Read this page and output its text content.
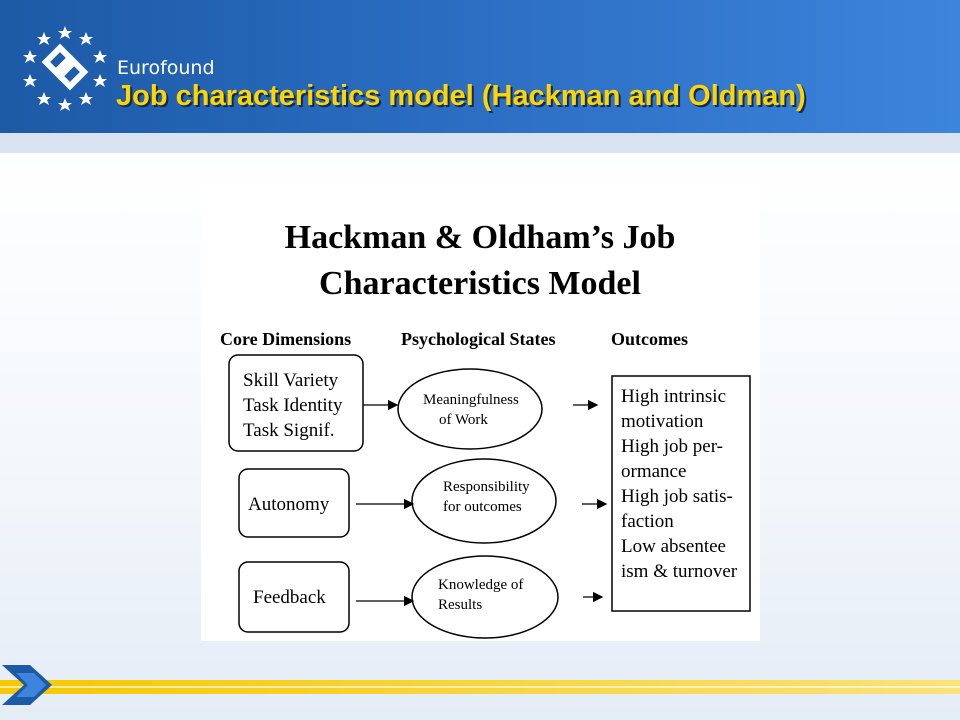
Eurofound
Job characteristics model (Hackman and Oldman)
Hackman & Oldham’s Job
Characteristics Model
Core Dimensions	Psychological States	Outcomes
Skill Variety
Task Identity
Task Signif.
Autonomy
Feedback
Meaningfulness
of Work
Responsibility
for outcomes
Knowledge of
Results
High intrinsic
motivation
High job per-
ormance
High job satis-
faction
Low absentee
ism & turnover
